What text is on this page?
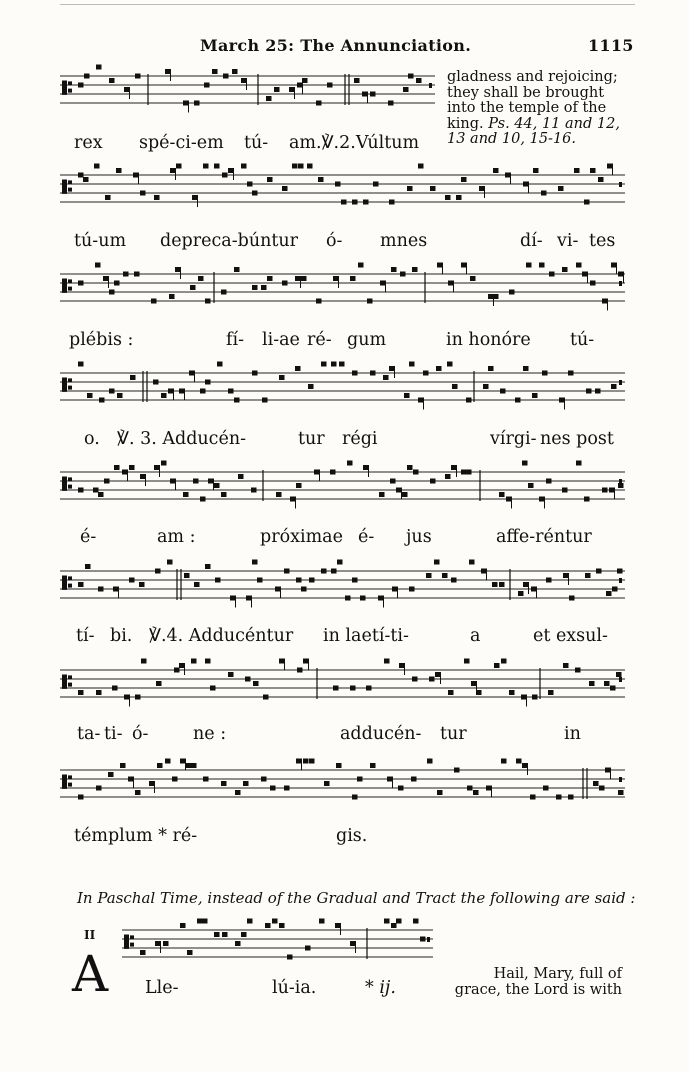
March 25: The Annunciation.	1115
gladness and rejoicing;
they shall be brought
into the temple of the
king. Ps. 44, 11 and 12,
13 and 10, 15-16.
rex spé-ci-em tú- am.℣.2.Vúltum
tú-um depreca-búntur ó- mnes	dí- vi- tes
plébis :	fí- li-ae ré- gum	in honóre tú-
o. ℣. 3. Adducén-	tur régi	vírgi- nes post
é-	am :	próximae é- jus	affe-réntur
tí- bi. ℣.4. Adducéntur in laetí-ti-	a	et exsul-
ta- ti- ó-	ne :	adducén- tur	in
témplum * ré-	gis.
In Paschal Time, instead of the Gradual and Tract the following are said :
II
A Lle-	lú-ia.	* ij.
Hail, Mary, full of
grace, the Lord is with
